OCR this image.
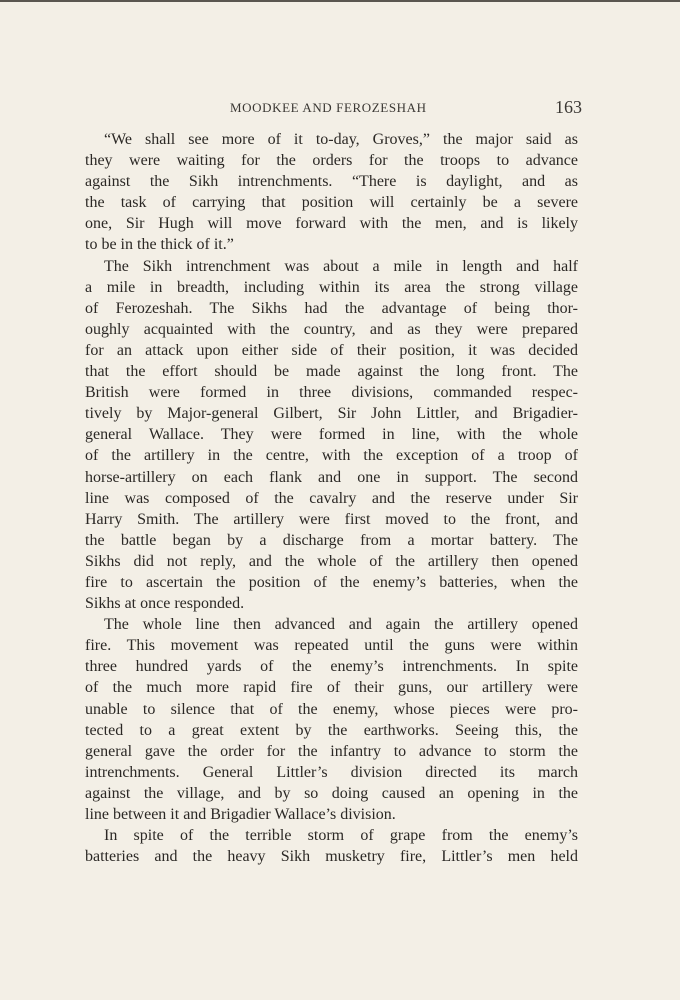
MOODKEE AND FEROZESHAH	163
“We shall see more of it to-day, Groves,” the major said as
they were waiting for the orders for the troops to advance
against the Sikh intrenchments. “There is daylight, and as
the task of carrying that position will certainly be a severe
one, Sir Hugh will move forward with the men, and is likely
to be in the thick of it.”
The Sikh intrenchment was about a mile in length and half
a mile in breadth, including within its area the strong village
of Ferozeshah. The Sikhs had the advantage of being thor-
oughly acquainted with the country, and as they were prepared
for an attack upon either side of their position, it was decided
that the effort should be made against the long front. The
British were formed in three divisions, commanded respec-
tively by Major-general Gilbert, Sir John Littler, and Brigadier-
general Wallace. They were formed in line, with the whole
of the artillery in the centre, with the exception of a troop of
horse-artillery on each flank and one in support. The second
line was composed of the cavalry and the reserve under Sir
Harry Smith. The artillery were first moved to the front, and
the battle began by a discharge from a mortar battery. The
Sikhs did not reply, and the whole of the artillery then opened
fire to ascertain the position of the enemy’s batteries, when the
Sikhs at once responded.
The whole line then advanced and again the artillery opened
fire. This movement was repeated until the guns were within
three hundred yards of the enemy’s intrenchments. In spite
of the much more rapid fire of their guns, our artillery were
unable to silence that of the enemy, whose pieces were pro-
tected to a great extent by the earthworks. Seeing this, the
general gave the order for the infantry to advance to storm the
intrenchments. General Littler’s division directed its march
against the village, and by so doing caused an opening in the
line between it and Brigadier Wallace’s division.
In spite of the terrible storm of grape from the enemy’s
batteries and the heavy Sikh musketry fire, Littler’s men held
